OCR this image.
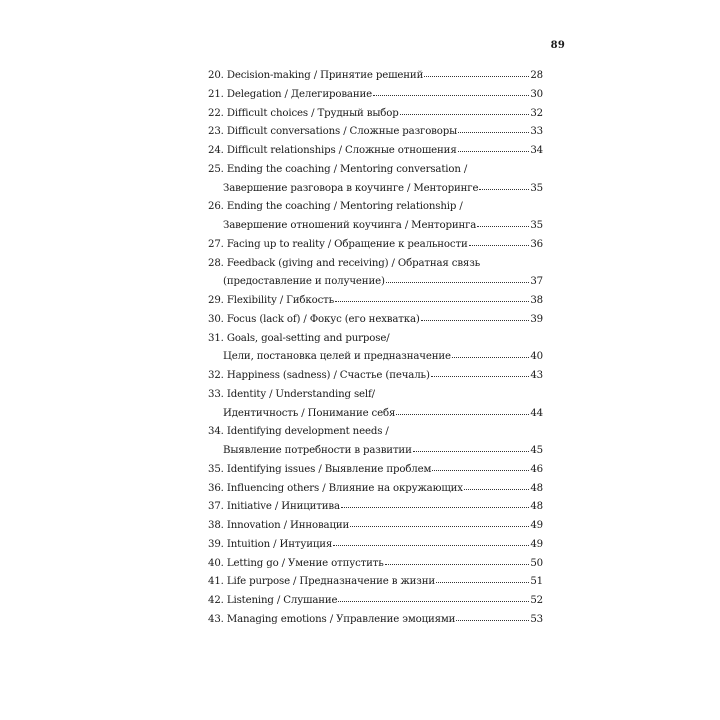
89
20. Decision-making / Принятие решений	28
21. Delegation / Делегирование	30
22. Difficult choices / Трудный выбор	32
23. Difficult conversations / Сложные разговоры	33
24. Difficult relationships / Сложные отношения	34
25. Ending the coaching / Mentoring conversation /
Завершение разговора в коучинге / Менторинге	35
26. Ending the coaching / Mentoring relationship /
Завершение отношений коучинга / Менторинга	35
27. Facing up to reality / Обращение к реальности	36
28. Feedback (giving and receiving) / Обратная связь
(предоставление и получение)	37
29. Flexibility / Гибкость	38
30. Focus (lack of) / Фокус (его нехватка)	39
31. Goals, goal-setting and purpose/
Цели, постановка целей и предназначение	40
32. Happiness (sadness) / Счастье (печаль)	43
33. Identity / Understanding self/
Идентичность / Понимание себя	44
34. Identifying development needs /
Выявление потребности в развитии	45
35. Identifying issues / Выявление проблем	46
36. Influencing others / Влияние на окружающих	48
37. Initiative / Иницитива	48
38. Innovation / Инновации	49
39. Intuition / Интуиция	49
40. Letting go / Умение отпустить	50
41. Life purpose / Предназначение в жизни	51
42. Listening / Слушание	52
43. Managing emotions / Управление эмоциями	53
